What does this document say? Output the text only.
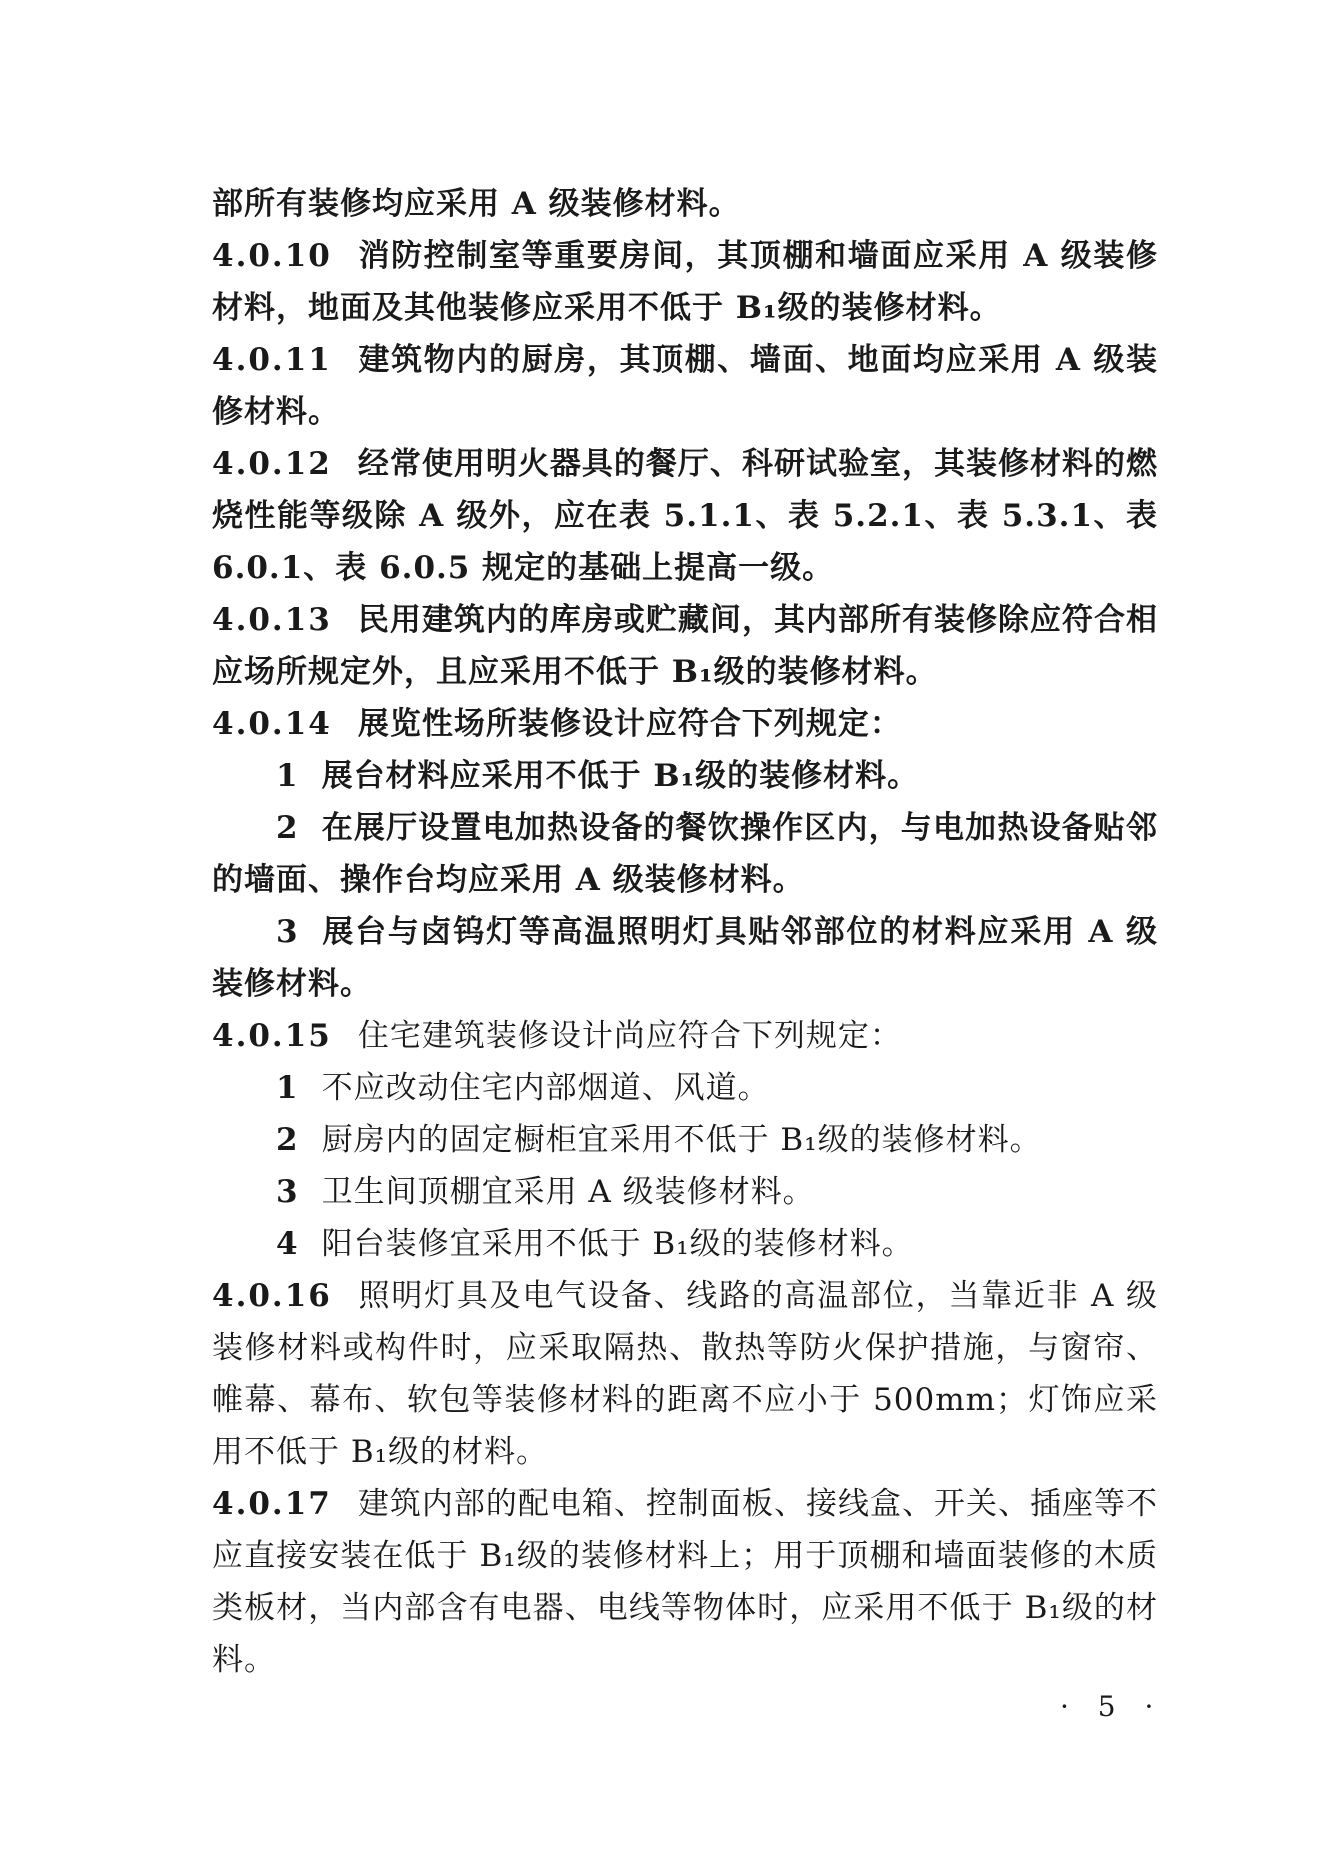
部所有装修均应采用 A 级装修材料。

4.0.10 消防控制室等重要房间，其顶棚和墙面应采用 A 级装修材料，地面及其他装修应采用不低于 B₁级的装修材料。

4.0.11 建筑物内的厨房，其顶棚、墙面、地面均应采用 A 级装修材料。

4.0.12 经常使用明火器具的餐厅、科研试验室，其装修材料的燃烧性能等级除 A 级外，应在表 5.1.1、表 5.2.1、表 5.3.1、表 6.0.1、表 6.0.5 规定的基础上提高一级。

4.0.13 民用建筑内的库房或贮藏间，其内部所有装修除应符合相应场所规定外，且应采用不低于 B₁级的装修材料。

4.0.14 展览性场所装修设计应符合下列规定：

1 展台材料应采用不低于 B₁级的装修材料。

2 在展厅设置电加热设备的餐饮操作区内，与电加热设备贴邻的墙面、操作台均应采用 A 级装修材料。

3 展台与卤钨灯等高温照明灯具贴邻部位的材料应采用 A 级装修材料。

4.0.15 住宅建筑装修设计尚应符合下列规定：

1 不应改动住宅内部烟道、风道。

2 厨房内的固定橱柜宜采用不低于 B₁级的装修材料。

3 卫生间顶棚宜采用 A 级装修材料。

4 阳台装修宜采用不低于 B₁级的装修材料。

4.0.16 照明灯具及电气设备、线路的高温部位，当靠近非 A 级装修材料或构件时，应采取隔热、散热等防火保护措施，与窗帘、帷幕、幕布、软包等装修材料的距离不应小于 500mm；灯饰应采用不低于 B₁级的材料。

4.0.17 建筑内部的配电箱、控制面板、接线盒、开关、插座等不应直接安装在低于 B₁级的装修材料上；用于顶棚和墙面装修的木质类板材，当内部含有电器、电线等物体时，应采用不低于 B₁级的材料。

· 5 ·
